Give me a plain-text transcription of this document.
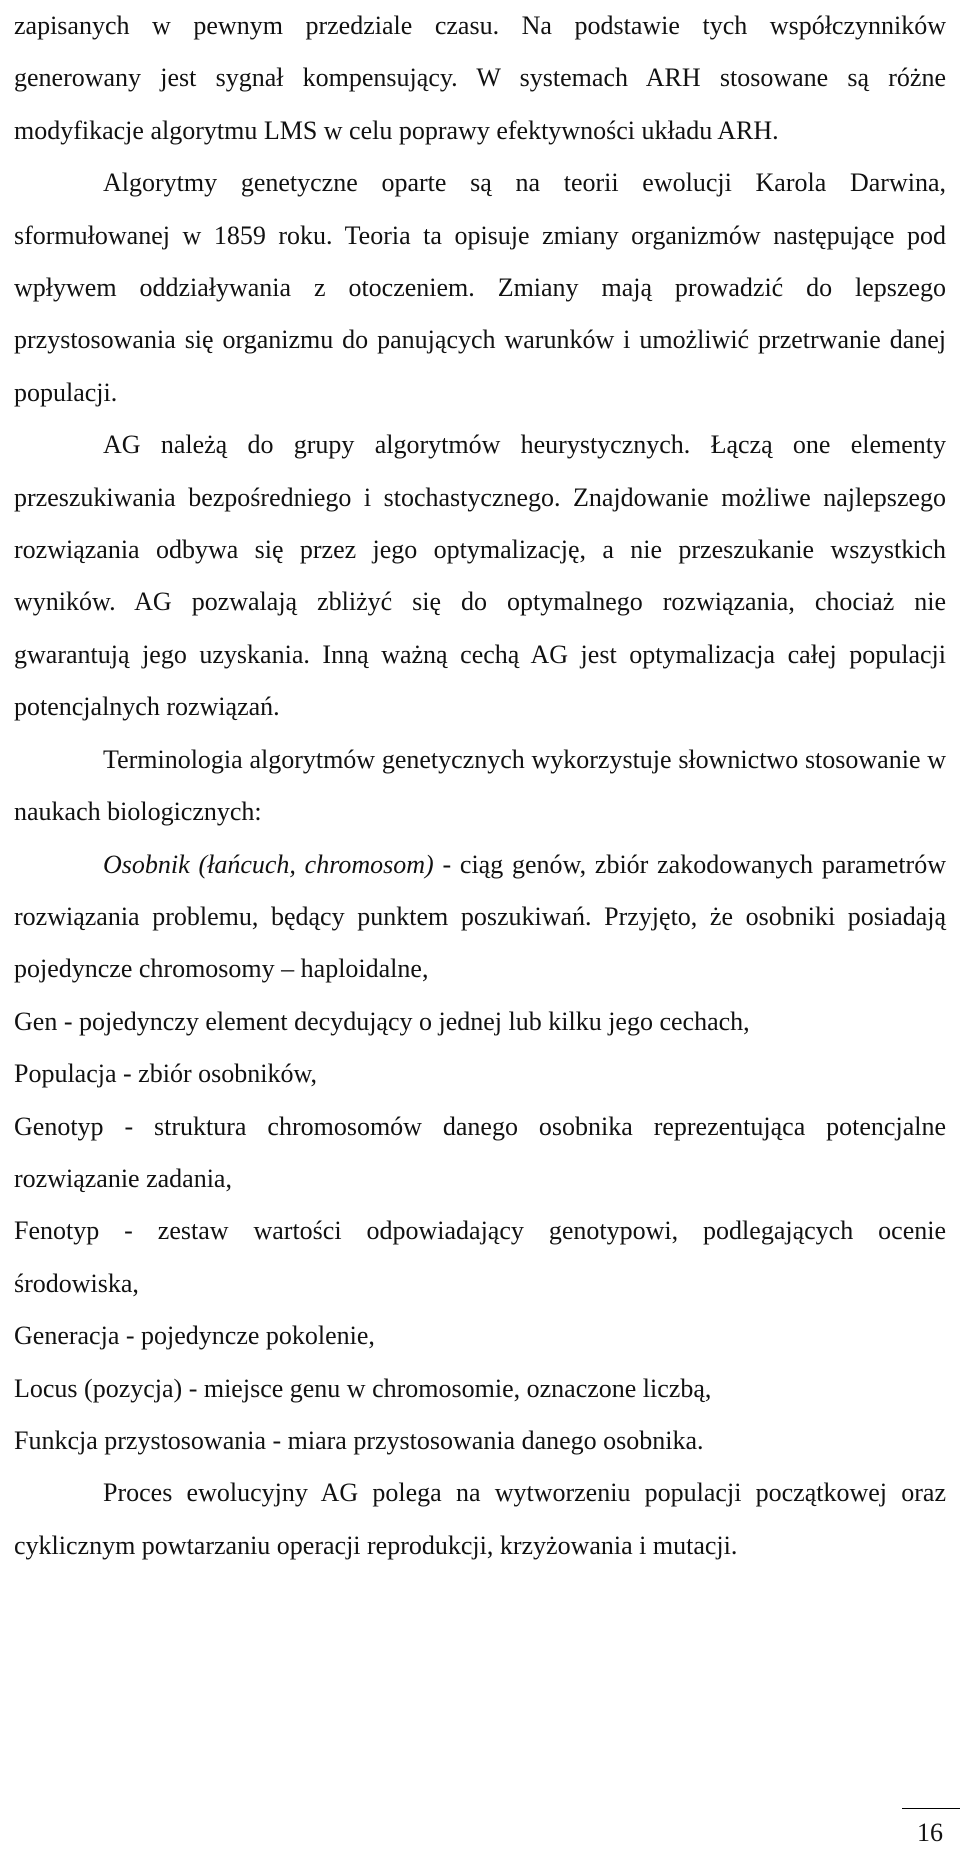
zapisanych w pewnym przedziale czasu. Na podstawie tych współczynników generowany jest sygnał kompensujący. W systemach ARH stosowane są różne modyfikacje algorytmu LMS w celu poprawy efektywności układu ARH.

Algorytmy genetyczne oparte są na teorii ewolucji Karola Darwina, sformułowanej w 1859 roku. Teoria ta opisuje zmiany organizmów następujące pod wpływem oddziaływania z otoczeniem. Zmiany mają prowadzić do lepszego przystosowania się organizmu do panujących warunków i umożliwić przetrwanie danej populacji.

AG należą do grupy algorytmów heurystycznych. Łączą one elementy przeszukiwania bezpośredniego i stochastycznego. Znajdowanie możliwe najlepszego rozwiązania odbywa się przez jego optymalizację, a nie przeszukanie wszystkich wyników. AG pozwalają zbliżyć się do optymalnego rozwiązania, chociaż nie gwarantują jego uzyskania. Inną ważną cechą AG jest optymalizacja całej populacji potencjalnych rozwiązań.

Terminologia algorytmów genetycznych wykorzystuje słownictwo stosowanie w naukach biologicznych:

Osobnik (łańcuch, chromosom) - ciąg genów, zbiór zakodowanych parametrów rozwiązania problemu, będący punktem poszukiwań. Przyjęto, że osobniki posiadają pojedyncze chromosomy – haploidalne,

Gen - pojedynczy element decydujący o jednej lub kilku jego cechach,

Populacja - zbiór osobników,

Genotyp - struktura chromosomów danego osobnika reprezentująca potencjalne rozwiązanie zadania,

Fenotyp - zestaw wartości odpowiadający genotypowi, podlegających ocenie środowiska,

Generacja - pojedyncze pokolenie,

Locus (pozycja) - miejsce genu w chromosomie, oznaczone liczbą,

Funkcja przystosowania - miara przystosowania danego osobnika.

Proces ewolucyjny AG polega na wytworzeniu populacji początkowej oraz cyklicznym powtarzaniu operacji reprodukcji, krzyżowania i mutacji.

16
